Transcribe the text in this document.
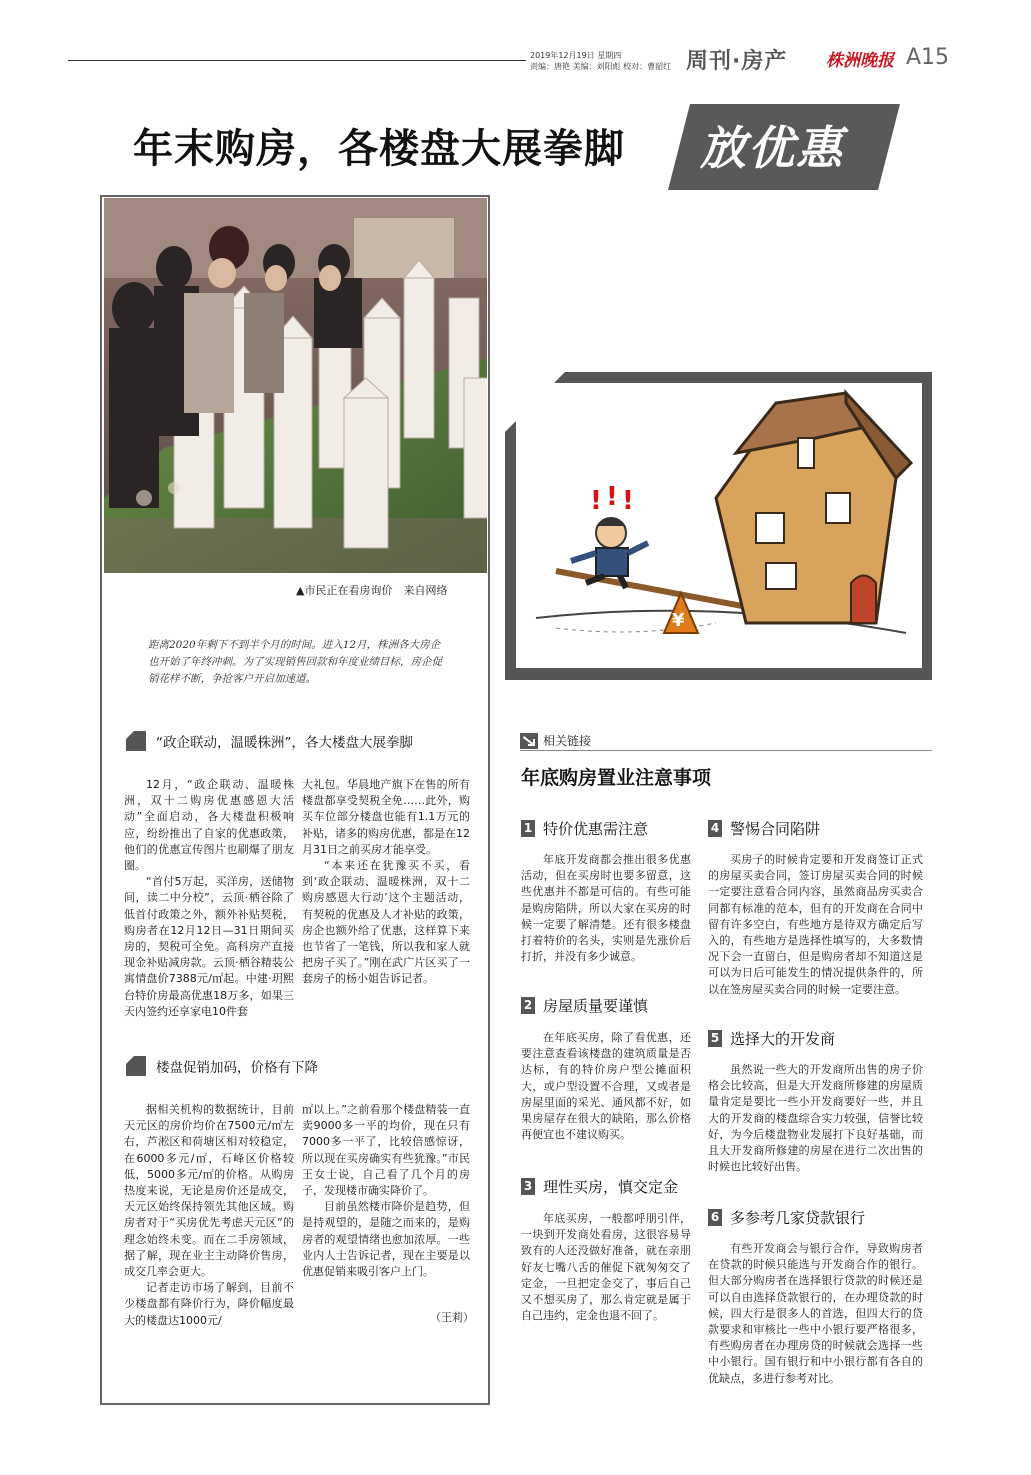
2019年12月19日 星期四
责编：唐艳 美编：刘阳彪 校对：曹韶红 周刊·房产 株洲晚报 A15
年末购房，各楼盘大展拳脚 放优惠
▲市民正在看房询价　来自网络
距离2020年剩下不到半个月的时间。进入12月，株洲各大房企也开始了年终冲刺。为了实现销售回款和年度业绩目标，房企促销花样不断，争抢客户开启加速道。
“政企联动，温暖株洲”，各大楼盘大展拳脚

12月，“政企联动、温暖株洲，双十二购房优惠感恩大活动”全面启动，各大楼盘积极响应，纷纷推出了自家的优惠政策，他们的优惠宣传图片也刷爆了朋友圈。

“首付5万起，买洋房，送储物间，读二中分校”，云顶·栖谷除了低首付政策之外，额外补贴契税，购房者在12月12日—31日期间买房的，契税可全免。高科房产直接现金补贴减房款。云顶·栖谷精装公寓情盘价7388元/㎡起。中建·玥熙台特价房最高优惠18万多，如果三天内签约还享家电10件套

大礼包。华晨地产旗下在售的所有楼盘都享受契税全免……此外，购买车位部分楼盘也能有1.1万元的补贴，诸多的购房优惠，都是在12月31日之前买房才能享受。

“本来还在犹豫买不买，看到‘政企联动、温暖株洲，双十二购房感恩大行动’这个主题活动，有契税的优惠及人才补贴的政策，房企也额外给了优惠，这样算下来也节省了一笔钱，所以我和家人就把房子买了。”刚在武广片区买了一套房子的杨小姐告诉记者。

楼盘促销加码，价格有下降

据相关机构的数据统计，目前天元区的房价均价在7500元/㎡左右，芦淞区和荷塘区相对较稳定，在6000多元/㎡，石峰区价格较低，5000多元/㎡的价格。从购房热度来说，无论是房价还是成交，天元区始终保持领先其他区域。购房者对于“买房优先考虑天元区”的理念始终未变。而在二手房领域，据了解，现在业主主动降价售房，成交几率会更大。

记者走访市场了解到，目前不少楼盘都有降价行为，降价幅度最大的楼盘达1000元/

㎡以上。”之前看那个楼盘精装一直卖9000多一平的均价，现在只有7000多一平了，比较倍感惊讶，所以现在买房确实有些犹豫。”市民王女士说，自己看了几个月的房子，发现楼市确实降价了。

目前虽然楼市降价是趋势，但是持观望的，是随之而来的，是购房者的观望情绪也愈加浓厚。一些业内人士告诉记者，现在主要是以优惠促销来吸引客户上门。

（王莉）
¥
! ! !
相关链接
年底购房置业注意事项
1 特价优惠需注意

年底开发商都会推出很多优惠活动，但在买房时也要多留意，这些优惠并不都是可信的。有些可能是购房陷阱，所以大家在买房的时候一定要了解清楚。还有很多楼盘打着特价的名头，实则是先涨价后打折，并没有多少诚意。

2 房屋质量要谨慎

在年底买房，除了看优惠，还要注意查看该楼盘的建筑质量是否达标，有的特价房户型公摊面积大，或户型设置不合理，又或者是房屋里面的采光、通风都不好，如果房屋存在很大的缺陷，那么价格再便宜也不建议购买。

3 理性买房，慎交定金

年底买房，一般都呼朋引伴，一块到开发商处看房，这很容易导致有的人还没做好准备，就在亲朋好友七嘴八舌的催促下就匆匆交了定金，一旦把定金交了，事后自己又不想买房了，那么肯定就是属于自己违约，定金也退不回了。

4 警惕合同陷阱

买房子的时候肯定要和开发商签订正式的房屋买卖合同，签订房屋买卖合同的时候一定要注意看合同内容，虽然商品房买卖合同都有标准的范本，但有的开发商在合同中留有许多空白，有些地方是待双方确定后写入的，有些地方是选择性填写的，大多数情况下会一直留白，但是购房者却不知道这是可以为日后可能发生的情况提供条件的，所以在签房屋买卖合同的时候一定要注意。

5 选择大的开发商

虽然说一些大的开发商所出售的房子价格会比较高，但是大开发商所修建的房屋质量肯定是要比一些小开发商要好一些，并且大的开发商的楼盘综合实力较强，信誉比较好，为今后楼盘物业发展打下良好基础，而且大开发商所修建的房屋在进行二次出售的时候也比较好出售。

6 多参考几家贷款银行

有些开发商会与银行合作，导致购房者在贷款的时候只能选与开发商合作的银行。但大部分购房者在选择银行贷款的时候还是可以自由选择贷款银行的，在办理贷款的时候，四大行是很多人的首选，但四大行的贷款要求和审核比一些中小银行要严格很多，有些购房者在办理房贷的时候就会选择一些中小银行。国有银行和中小银行都有各自的优缺点，多进行参考对比。
